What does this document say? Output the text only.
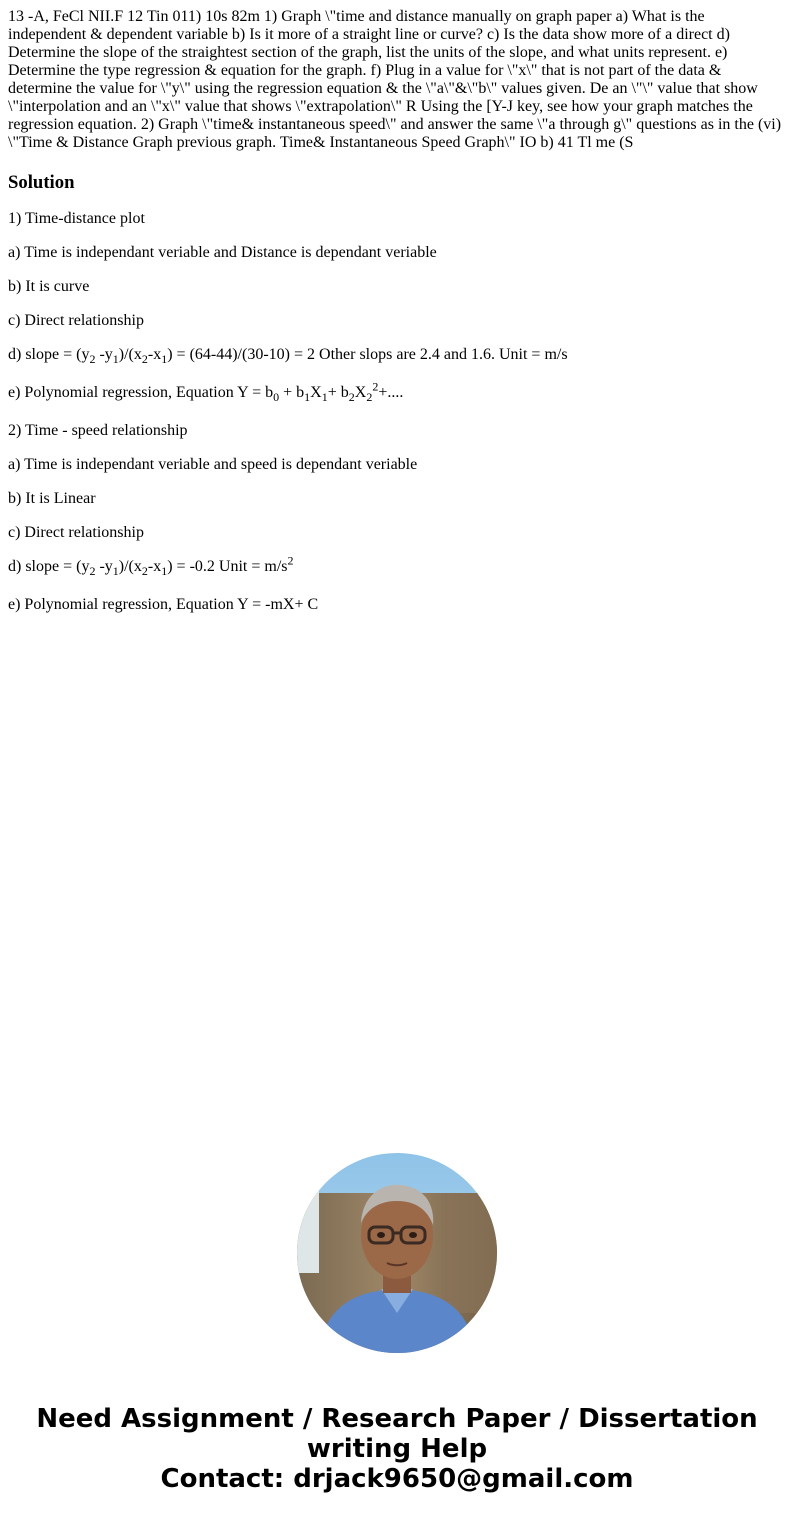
13 -A, FeCl NII.F 12 Tin 011) 10s 82m 1) Graph \"time and distance manually on graph paper a) What is the independent & dependent variable b) Is it more of a straight line or curve? c) Is the data show more of a direct d) Determine the slope of the straightest section of the graph, list the units of the slope, and what units represent. e) Determine the type regression & equation for the graph. f) Plug in a value for \"x\" that is not part of the data & determine the value for \"y\" using the regression equation & the \"a\"&\"b\" values given. De an \"\" value that show \"interpolation and an \"x\" value that shows \"extrapolation\" R Using the [Y-J key, see how your graph matches the regression equation. 2) Graph \"time& instantaneous speed\" and answer the same \"a through g\" questions as in the (vi) \"Time & Distance Graph previous graph. Time& Instantaneous Speed Graph\" IO b) 41 Tl me (S

Solution

1) Time-distance plot

a) Time is independant veriable and Distance is dependant veriable

b) It is curve

c) Direct relationship

d) slope = ($y_2$ $-y_1)/(x_2-x_1) = (64-44)/(30-10) = 2$ Other slops are 2.4 and 1.6. Unit = m/s

e) Polynomial regression, Equation $Y = b_0 + b_1X_1+ b_2X_2^2+$....

2) Time - speed relationship

a) Time is independant veriable and speed is dependant veriable

b) It is Linear

c) Direct relationship

d) slope = ($y_2$ $-y_1)/(x_2-x_1) = -0.2$ Unit = $m/s^2$

e) Polynomial regression, Equation Y = -mX+ C

Need Assignment / Research Paper / Dissertation
writing Help
Contact: drjack9650@gmail.com
